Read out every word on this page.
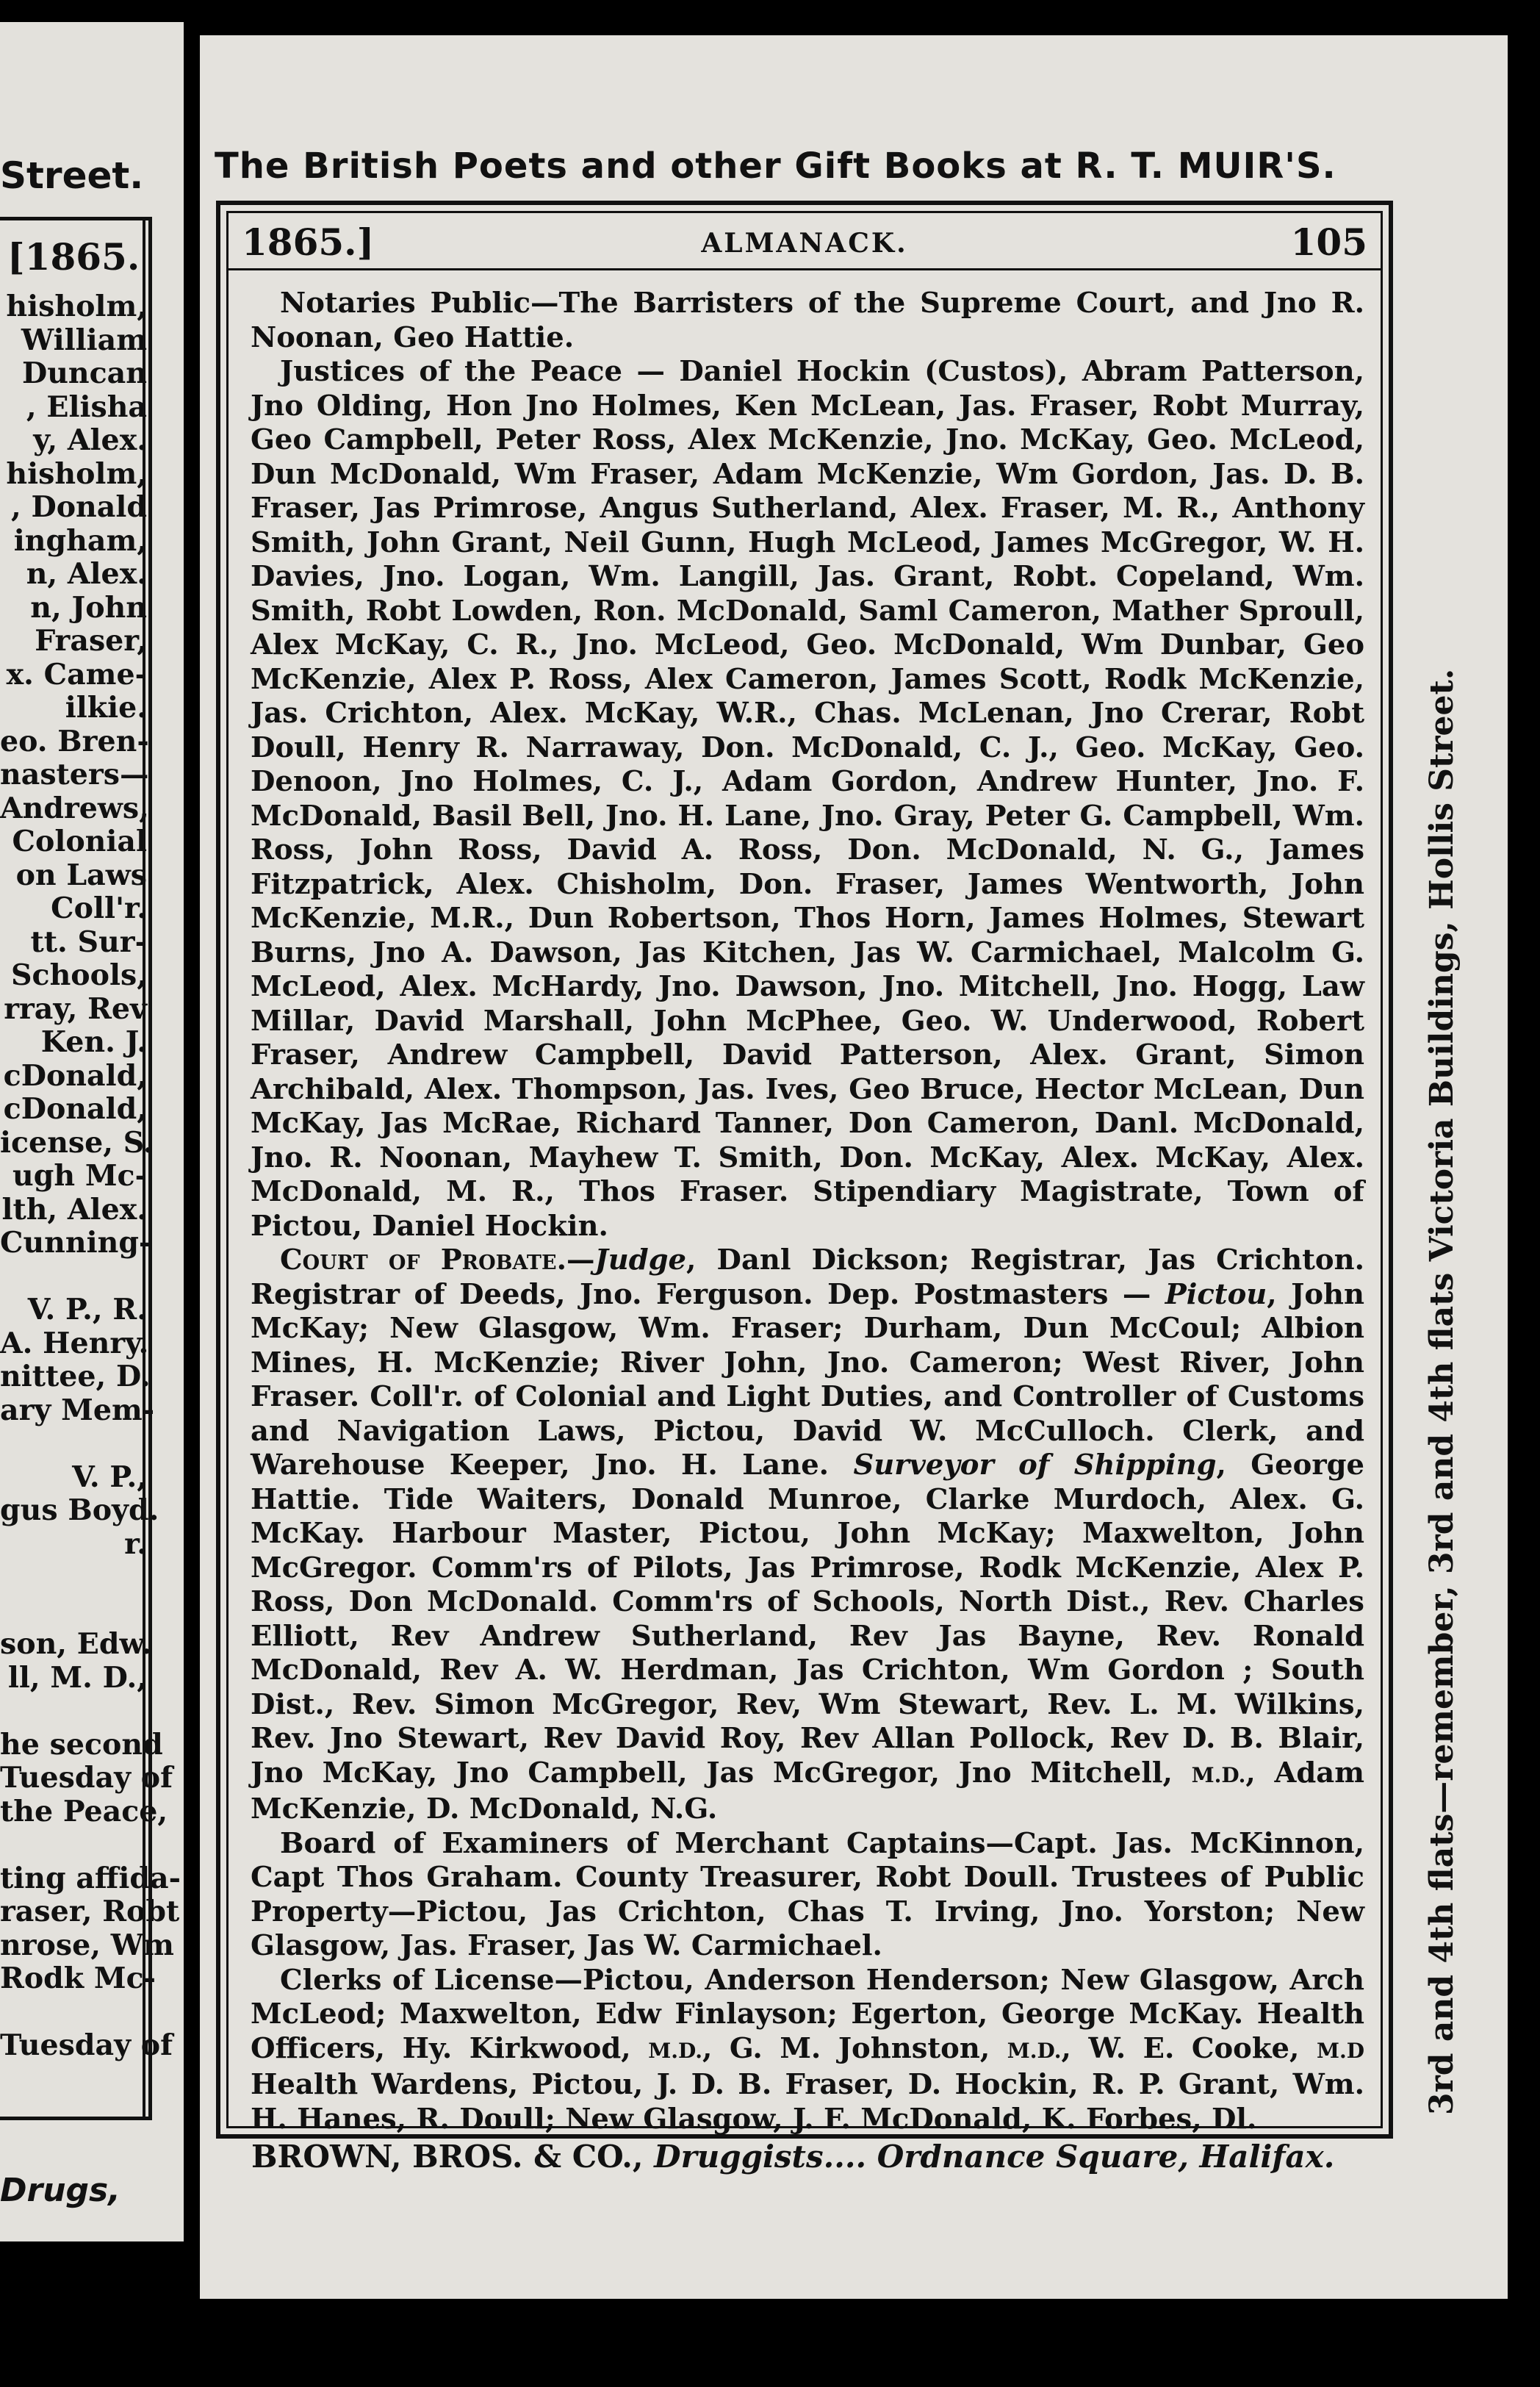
Street.
[1865.
hisholm,
William
Duncan
, Elisha
y, Alex.
hisholm,
, Donald
ingham,
n, Alex.
n, John
Fraser,
x. Came-
ilkie.
eo. Bren-
nasters—
Andrews,
Colonial
on Laws
Coll'r.
tt. Sur-
Schools,
rray, Rev
Ken. J.
cDonald,
cDonald,
icense, S.
ugh Mc-
lth, Alex.
Cunning-
V. P., R.
A. Henry.
nittee, D.
ary Mem-
V. P.,
gus Boyd.
r.
son, Edw.
ll, M. D.,
he second
Tuesday of
the Peace,
ting affida-
raser, Robt
nrose, Wm
Rodk Mc-
Tuesday of
Drugs,
The British Poets and other Gift Books at R. T. MUIR'S.
1865.]	ALMANACK.	105

Notaries Public—The Barristers of the Supreme Court, and Jno R. Noonan, Geo Hattie.

Justices of the Peace — Daniel Hockin (Custos), Abram Patterson, Jno Olding, Hon Jno Holmes, Ken McLean, Jas. Fraser, Robt Murray, Geo Campbell, Peter Ross, Alex McKenzie, Jno. McKay, Geo. McLeod, Dun McDonald, Wm Fraser, Adam McKenzie, Wm Gordon, Jas. D. B. Fraser, Jas Primrose, Angus Sutherland, Alex. Fraser, M. R., Anthony Smith, John Grant, Neil Gunn, Hugh McLeod, James McGregor, W. H. Davies, Jno. Logan, Wm. Langill, Jas. Grant, Robt. Copeland, Wm. Smith, Robt Lowden, Ron. McDonald, Saml Cameron, Mather Sproull, Alex McKay, C. R., Jno. McLeod, Geo. McDonald, Wm Dunbar, Geo McKenzie, Alex P. Ross, Alex Cameron, James Scott, Rodk McKenzie, Jas. Crichton, Alex. McKay, W.R., Chas. McLenan, Jno Crerar, Robt Doull, Henry R. Narraway, Don. McDonald, C. J., Geo. McKay, Geo. Denoon, Jno Holmes, C. J., Adam Gordon, Andrew Hunter, Jno. F. McDonald, Basil Bell, Jno. H. Lane, Jno. Gray, Peter G. Campbell, Wm. Ross, John Ross, David A. Ross, Don. McDonald, N. G., James Fitzpatrick, Alex. Chisholm, Don. Fraser, James Wentworth, John McKenzie, M.R., Dun Robertson, Thos Horn, James Holmes, Stewart Burns, Jno A. Dawson, Jas Kitchen, Jas W. Carmichael, Malcolm G. McLeod, Alex. McHardy, Jno. Dawson, Jno. Mitchell, Jno. Hogg, Law Millar, David Marshall, John McPhee, Geo. W. Underwood, Robert Fraser, Andrew Campbell, David Patterson, Alex. Grant, Simon Archibald, Alex. Thompson, Jas. Ives, Geo Bruce, Hector McLean, Dun McKay, Jas McRae, Richard Tanner, Don Cameron, Danl. McDonald, Jno. R. Noonan, Mayhew T. Smith, Don. McKay, Alex. McKay, Alex. McDonald, M. R., Thos Fraser. Stipendiary Magistrate, Town of Pictou, Daniel Hockin.

Court of Probate.—Judge, Danl Dickson; Registrar, Jas Crichton. Registrar of Deeds, Jno. Ferguson. Dep. Postmasters — Pictou, John McKay; New Glasgow, Wm. Fraser; Durham, Dun McCoul; Albion Mines, H. McKenzie; River John, Jno. Cameron; West River, John Fraser. Coll'r. of Colonial and Light Duties, and Controller of Customs and Navigation Laws, Pictou, David W. McCulloch. Clerk, and Warehouse Keeper, Jno. H. Lane. Surveyor of Shipping, George Hattie. Tide Waiters, Donald Munroe, Clarke Murdoch, Alex. G. McKay. Harbour Master, Pictou, John McKay; Maxwelton, John McGregor. Comm'rs of Pilots, Jas Primrose, Rodk McKenzie, Alex P. Ross, Don McDonald. Comm'rs of Schools, North Dist., Rev. Charles Elliott, Rev Andrew Sutherland, Rev Jas Bayne, Rev. Ronald McDonald, Rev A. W. Herdman, Jas Crichton, Wm Gordon ; South Dist., Rev. Simon McGregor, Rev, Wm Stewart, Rev. L. M. Wilkins, Rev. Jno Stewart, Rev David Roy, Rev Allan Pollock, Rev D. B. Blair, Jno McKay, Jno Campbell, Jas McGregor, Jno Mitchell, M.D., Adam McKenzie, D. McDonald, N.G.

Board of Examiners of Merchant Captains—Capt. Jas. McKinnon, Capt Thos Graham. County Treasurer, Robt Doull. Trustees of Public Property—Pictou, Jas Crichton, Chas T. Irving, Jno. Yorston; New Glasgow, Jas. Fraser, Jas W. Carmichael.

Clerks of License—Pictou, Anderson Henderson; New Glasgow, Arch McLeod; Maxwelton, Edw Finlayson; Egerton, George McKay. Health Officers, Hy. Kirkwood, M.D., G. M. Johnston, M.D., W. E. Cooke, M.D Health Wardens, Pictou, J. D. B. Fraser, D. Hockin, R. P. Grant, Wm. H. Hanes, R. Doull; New Glasgow, J. F. McDonald, K. Forbes, Dl.

3rd and 4th flats—remember, 3rd and 4th flats Victoria Buildings, Hollis Street.
BROWN, BROS. & CO., Druggists.... Ordnance Square, Halifax.
